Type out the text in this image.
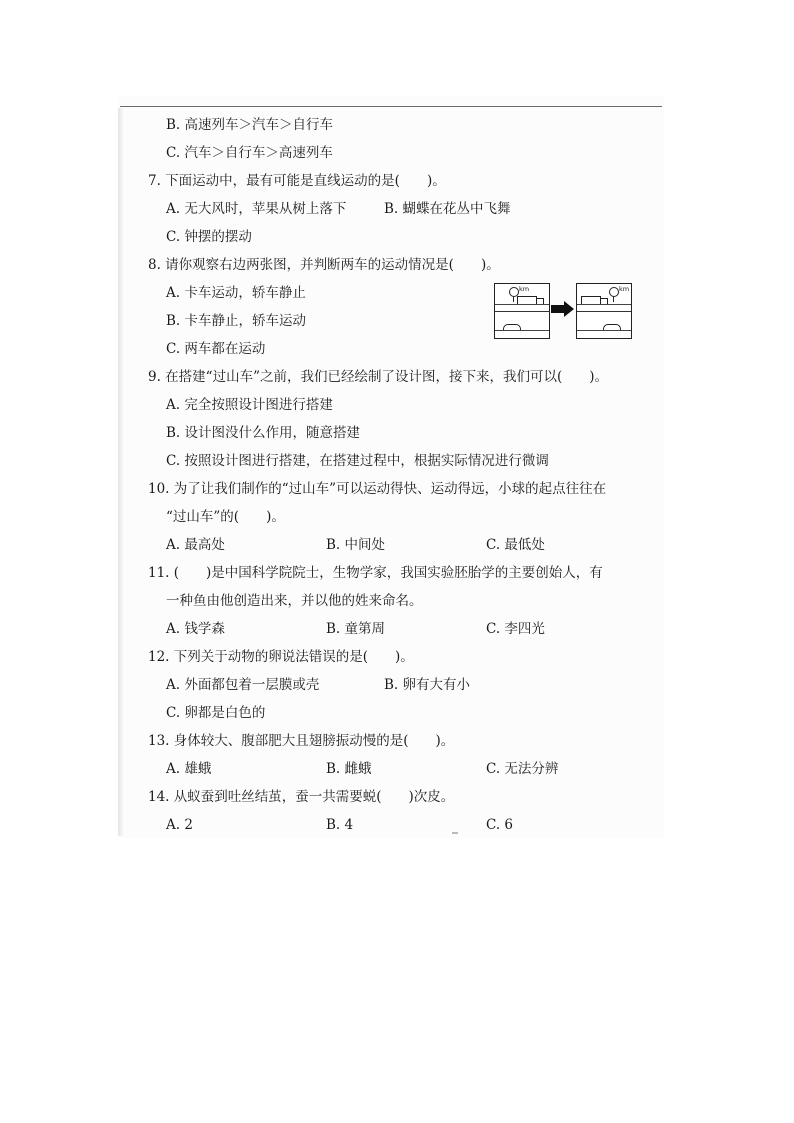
B. 高速列车＞汽车＞自行车
C. 汽车＞自行车＞高速列车
7. 下面运动中，最有可能是直线运动的是(　　)。
A. 无大风时，苹果从树上落下	B. 蝴蝶在花丛中飞舞
C. 钟摆的摆动
8. 请你观察右边两张图，并判断两车的运动情况是(　　)。
A. 卡车运动，轿车静止
B. 卡车静止，轿车运动
C. 两车都在运动
9. 在搭建“过山车”之前，我们已经绘制了设计图，接下来，我们可以(　　)。
A. 完全按照设计图进行搭建
B. 设计图没什么作用，随意搭建
C. 按照设计图进行搭建，在搭建过程中，根据实际情况进行微调
10. 为了让我们制作的“过山车”可以运动得快、运动得远，小球的起点往往在
“过山车”的(　　)。
A. 最高处	B. 中间处	C. 最低处
11. (　　)是中国科学院院士，生物学家，我国实验胚胎学的主要创始人，有
一种鱼由他创造出来，并以他的姓来命名。
A. 钱学森	B. 童第周	C. 李四光
12. 下列关于动物的卵说法错误的是(　　)。
A. 外面都包着一层膜或壳	B. 卵有大有小
C. 卵都是白色的
13. 身体较大、腹部肥大且翅膀振动慢的是(　　)。
A. 雄蛾	B. 雌蛾	C. 无法分辨
14. 从蚁蚕到吐丝结茧，蚕一共需要蜕(　　)次皮。
A. 2	B. 4	C. 6
km	km
